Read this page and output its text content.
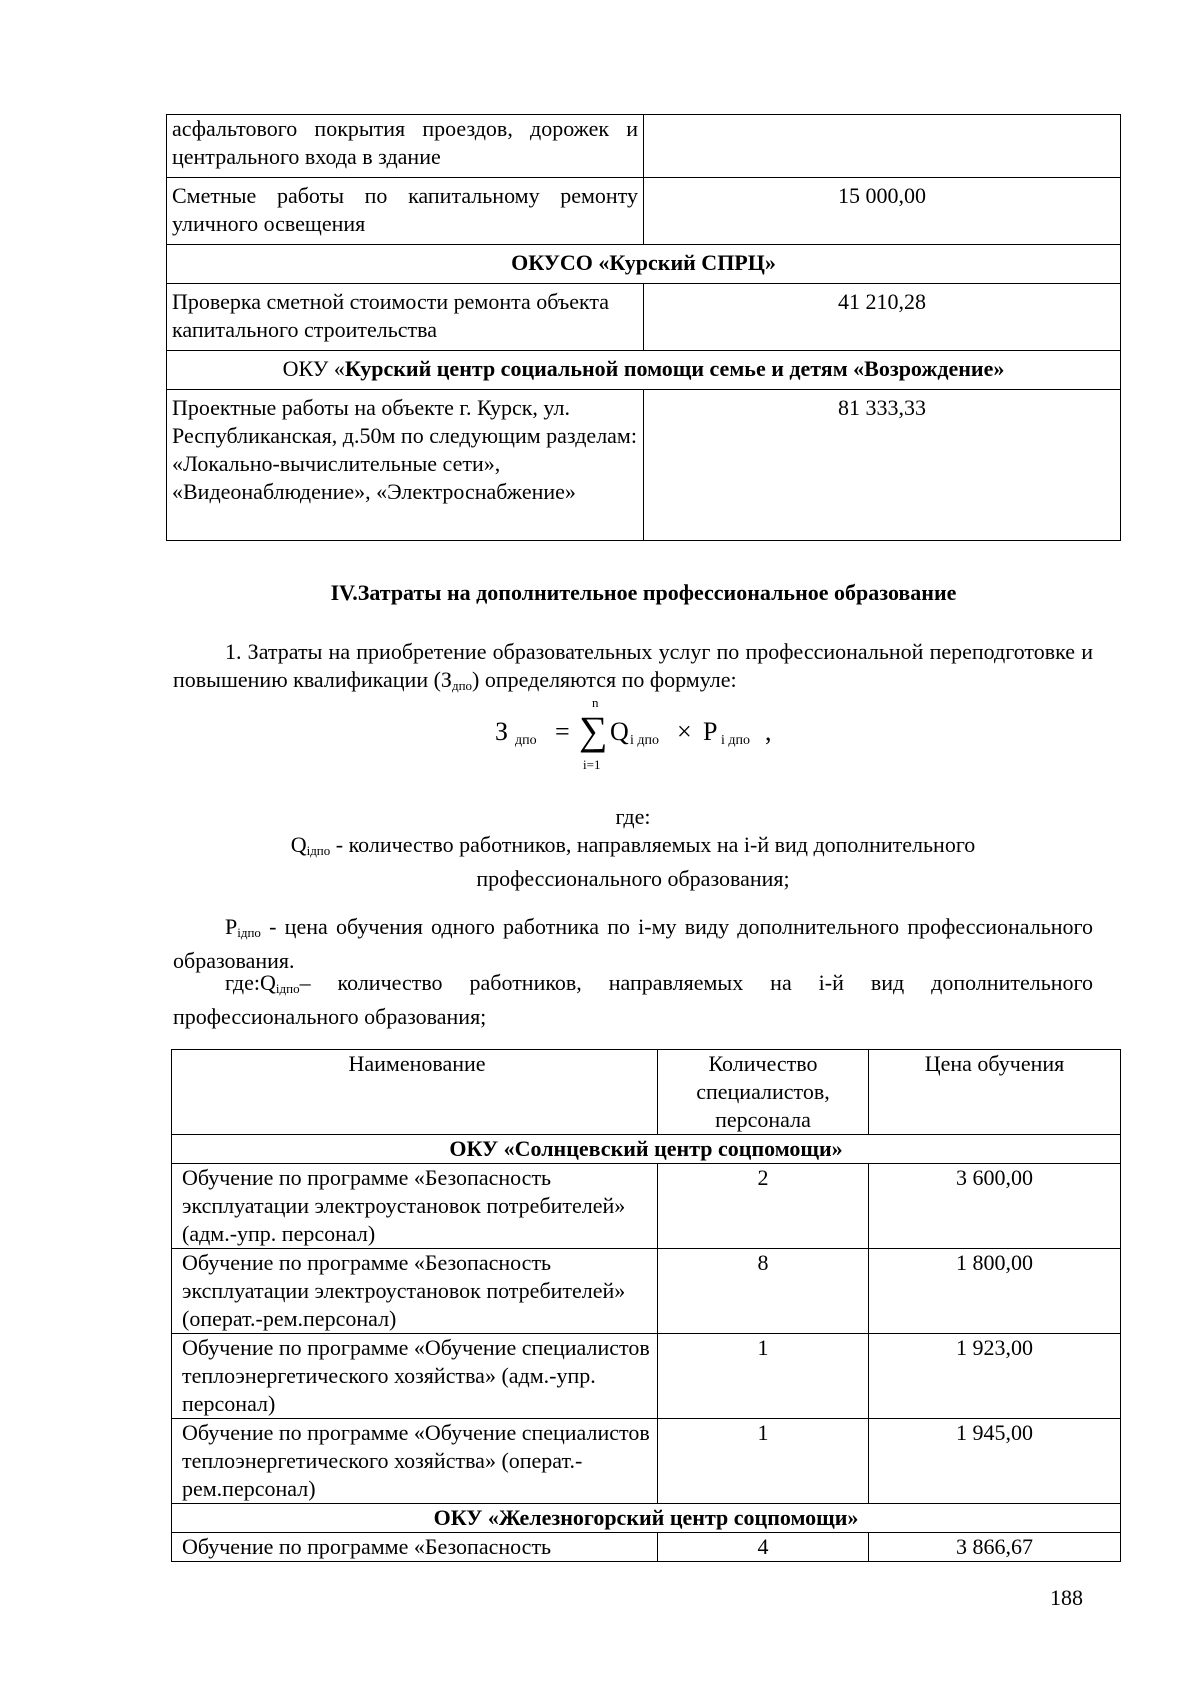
асфальтового покрытия проездов, дорожек и центрального входа в здание	
Сметные работы по капитальному ремонту уличного освещения	15 000,00
ОКУСО «Курский СПРЦ»	
Проверка сметной стоимости ремонта объекта капитального строительства	41 210,28
ОКУ «Курский центр социальной помощи семье и детям «Возрождение»	
Проектные работы на объекте г. Курск, ул. Республиканская, д.50м по следующим разделам: «Локально-вычислительные сети», «Видеонаблюдение», «Электроснабжение»	81 333,33
IV.Затраты на дополнительное профессиональное образование
1. Затраты на приобретение образовательных услуг по профессиональной переподготовке и повышению квалификации $(З_{дпо})$ определяются по формуле:
З дпо =
n
∑
i=1
Q i дпо × P i дпо ,
где:
$Q_{iдпо}$ - количество работников, направляемых на i-й вид дополнительного профессионального образования;
$P_{iдпо}$ - цена обучения одного работника по i-му виду дополнительного профессионального образования.
$где:Q_{iдпо}-$ количество работников, направляемых на i-й вид дополнительного профессионального образования;
Наименование	Количество специалистов, персонала	Цена обучения
ОКУ «Солнцевский центр соцпомощи»		
Обучение по программе «Безопасность эксплуатации электроустановок потребителей» (адм.-упр. персонал)	2	3 600,00
Обучение по программе «Безопасность эксплуатации электроустановок потребителей» (операт.-рем.персонал)	8	1 800,00
Обучение по программе «Обучение специалистов теплоэнергетического хозяйства» (адм.-упр. персонал)	1	1 923,00
Обучение по программе «Обучение специалистов теплоэнергетического хозяйства» (операт.-рем.персонал)	1	1 945,00
ОКУ «Железногорский центр соцпомощи»		
Обучение по программе «Безопасность	4	3 866,67
188
